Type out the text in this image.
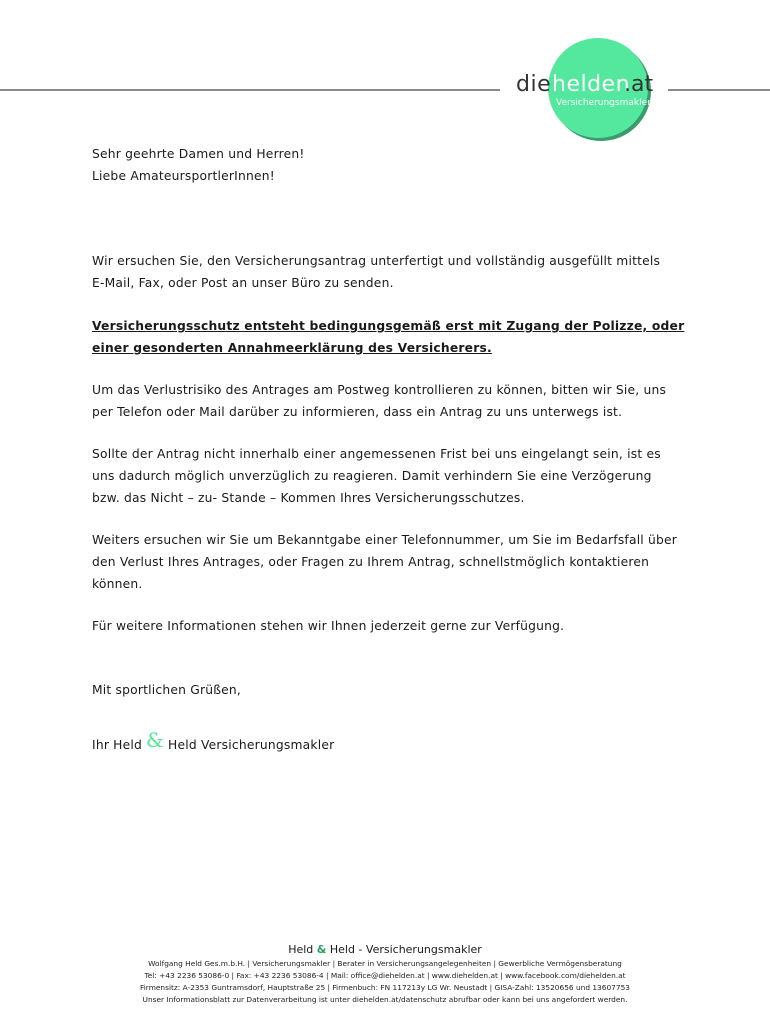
die helden
.at
Versicherungsmakler
Sehr geehrte Damen und Herren!
Liebe AmateursportlerInnen!
Wir ersuchen Sie, den Versicherungsantrag unterfertigt und vollständig ausgefüllt mittels
E-Mail, Fax, oder Post an unser Büro zu senden.
Versicherungsschutz entsteht bedingungsgemäß erst mit Zugang der Polizze, oder
einer gesonderten Annahmeerklärung des Versicherers.
Um das Verlustrisiko des Antrages am Postweg kontrollieren zu können, bitten wir Sie, uns
per Telefon oder Mail darüber zu informieren, dass ein Antrag zu uns unterwegs ist.
Sollte der Antrag nicht innerhalb einer angemessenen Frist bei uns eingelangt sein, ist es
uns dadurch möglich unverzüglich zu reagieren. Damit verhindern Sie eine Verzögerung
bzw. das Nicht – zu- Stande – Kommen Ihres Versicherungsschutzes.
Weiters ersuchen wir Sie um Bekanntgabe einer Telefonnummer, um Sie im Bedarfsfall über
den Verlust Ihres Antrages, oder Fragen zu Ihrem Antrag, schnellstmöglich kontaktieren
können.
Für weitere Informationen stehen wir Ihnen jederzeit gerne zur Verfügung.
Mit sportlichen Grüßen,
Ihr Held & Held Versicherungsmakler
Held & Held - Versicherungsmakler
Wolfgang Held Ges.m.b.H. | Versicherungsmakler | Berater in Versicherungsangelegenheiten | Gewerbliche Vermögensberatung
Tel: +43 2236 53086-0 | Fax: +43 2236 53086-4 | Mail: office@diehelden.at | www.diehelden.at | www.facebook.com/diehelden.at
Firmensitz: A-2353 Guntramsdorf, Hauptstraße 25 | Firmenbuch: FN 117213y LG Wr. Neustadt | GISA-Zahl: 13520656 und 13607753
Unser Informationsblatt zur Datenverarbeitung ist unter diehelden.at/datenschutz abrufbar oder kann bei uns angefordert werden.
